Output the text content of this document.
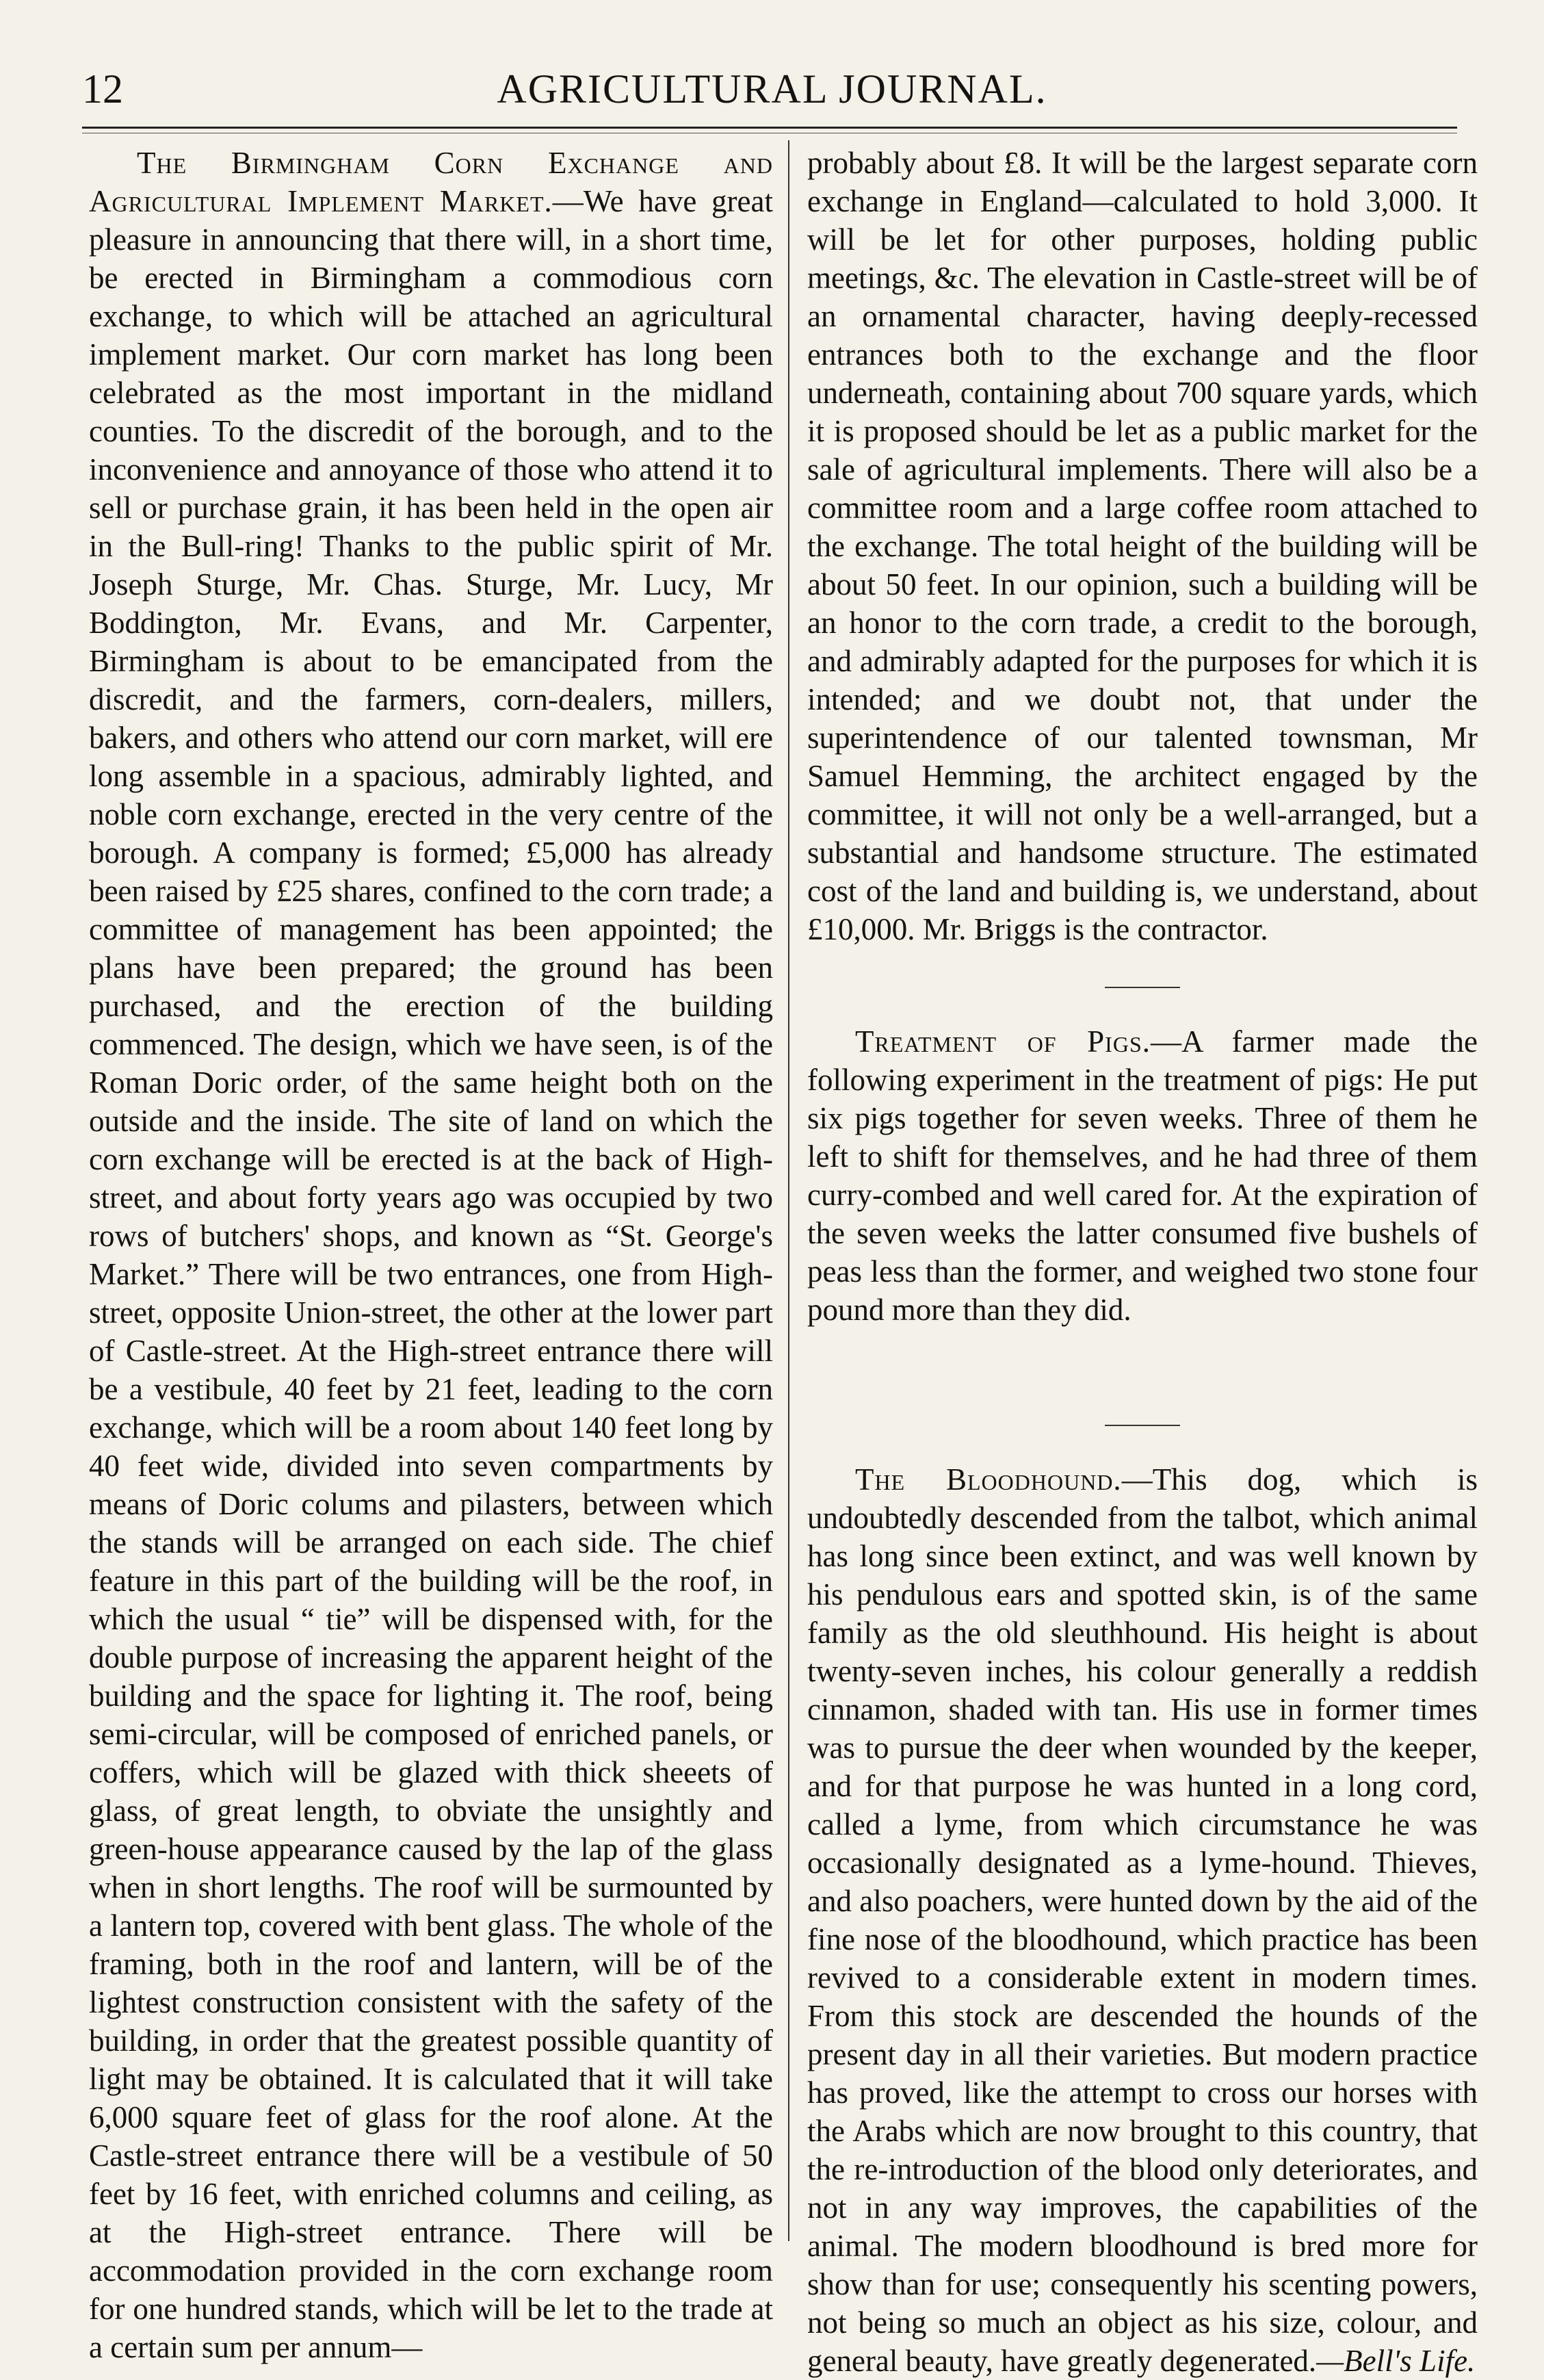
12	AGRICULTURAL JOURNAL.

The Birmingham Corn Exchange and Agricultural Implement Market.—We have great pleasure in announcing that there will, in a short time, be erected in Birmingham a commodious corn exchange, to which will be attached an agricultural implement market. Our corn market has long been celebrated as the most important in the midland counties. To the discredit of the borough, and to the inconvenience and annoyance of those who attend it to sell or purchase grain, it has been held in the open air in the Bull-ring! Thanks to the public spirit of Mr. Joseph Sturge, Mr. Chas. Sturge, Mr. Lucy, Mr Boddington, Mr. Evans, and Mr. Carpenter, Birmingham is about to be emancipated from the discredit, and the farmers, corn-dealers, millers, bakers, and others who attend our corn market, will ere long assemble in a spacious, admirably lighted, and noble corn exchange, erected in the very centre of the borough. A company is formed; £5,000 has already been raised by £25 shares, confined to the corn trade; a committee of management has been appointed; the plans have been prepared; the ground has been purchased, and the erection of the building commenced. The design, which we have seen, is of the Roman Doric order, of the same height both on the outside and the inside. The site of land on which the corn exchange will be erected is at the back of High-street, and about forty years ago was occupied by two rows of butchers' shops, and known as “St. George's Market.” There will be two entrances, one from High-street, opposite Union-street, the other at the lower part of Castle-street. At the High-street entrance there will be a vestibule, 40 feet by 21 feet, leading to the corn exchange, which will be a room about 140 feet long by 40 feet wide, divided into seven compartments by means of Doric colums and pilasters, between which the stands will be arranged on each side. The chief feature in this part of the building will be the roof, in which the usual “ tie” will be dispensed with, for the double purpose of increasing the apparent height of the building and the space for lighting it. The roof, being semi-circular, will be composed of enriched panels, or coffers, which will be glazed with thick sheeets of glass, of great length, to obviate the unsightly and green-house appearance caused by the lap of the glass when in short lengths. The roof will be surmounted by a lantern top, covered with bent glass. The whole of the framing, both in the roof and lantern, will be of the lightest construction consistent with the safety of the building, in order that the greatest possible quantity of light may be obtained. It is calculated that it will take 6,000 square feet of glass for the roof alone. At the Castle-street entrance there will be a vestibule of 50 feet by 16 feet, with enriched columns and ceiling, as at the High-street entrance. There will be accommodation provided in the corn exchange room for one hundred stands, which will be let to the trade at a certain sum per annum—

probably about £8. It will be the largest separate corn exchange in England—calculated to hold 3,000. It will be let for other purposes, holding public meetings, &c. The elevation in Castle-street will be of an ornamental character, having deeply-recessed entrances both to the exchange and the floor underneath, containing about 700 square yards, which it is proposed should be let as a public market for the sale of agricultural implements. There will also be a committee room and a large coffee room attached to the exchange. The total height of the building will be about 50 feet. In our opinion, such a building will be an honor to the corn trade, a credit to the borough, and admirably adapted for the purposes for which it is intended; and we doubt not, that under the superintendence of our talented townsman, Mr Samuel Hemming, the architect engaged by the committee, it will not only be a well-arranged, but a substantial and handsome structure. The estimated cost of the land and building is, we understand, about £10,000. Mr. Briggs is the contractor.

Treatment of Pigs.—A farmer made the following experiment in the treatment of pigs: He put six pigs together for seven weeks. Three of them he left to shift for themselves, and he had three of them curry-combed and well cared for. At the expiration of the seven weeks the latter consumed five bushels of peas less than the former, and weighed two stone four pound more than they did.

The Bloodhound.—This dog, which is undoubtedly descended from the talbot, which animal has long since been extinct, and was well known by his pendulous ears and spotted skin, is of the same family as the old sleuthhound. His height is about twenty-seven inches, his colour generally a reddish cinnamon, shaded with tan. His use in former times was to pursue the deer when wounded by the keeper, and for that purpose he was hunted in a long cord, called a lyme, from which circumstance he was occasionally designated as a lyme-hound. Thieves, and also poachers, were hunted down by the aid of the fine nose of the bloodhound, which practice has been revived to a considerable extent in modern times. From this stock are descended the hounds of the present day in all their varieties. But modern practice has proved, like the attempt to cross our horses with the Arabs which are now brought to this country, that the re-introduction of the blood only deteriorates, and not in any way improves, the capabilities of the animal. The modern bloodhound is bred more for show than for use; consequently his scenting powers, not being so much an object as his size, colour, and general beauty, have greatly degenerated.—Bell's Life.
